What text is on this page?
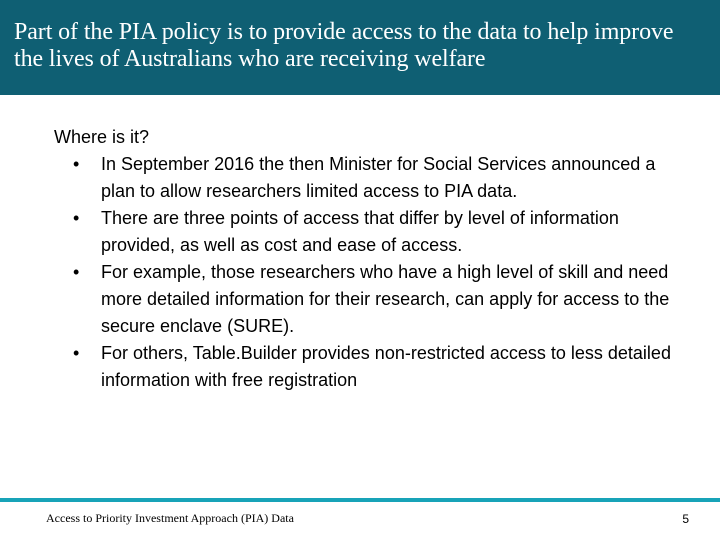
Part of the PIA policy is to provide access to the data to help improve the lives of Australians who are receiving welfare
Where is it?
• In September 2016 the then Minister for Social Services announced a plan to allow researchers limited access to PIA data.
• There are three points of access that differ by level of information provided, as well as cost and ease of access.
• For example, those researchers who have a high level of skill and need more detailed information for their research, can apply for access to the secure enclave (SURE).
• For others, Table.Builder provides non-restricted access to less detailed information with free registration
Access to Priority Investment Approach (PIA) Data	5
